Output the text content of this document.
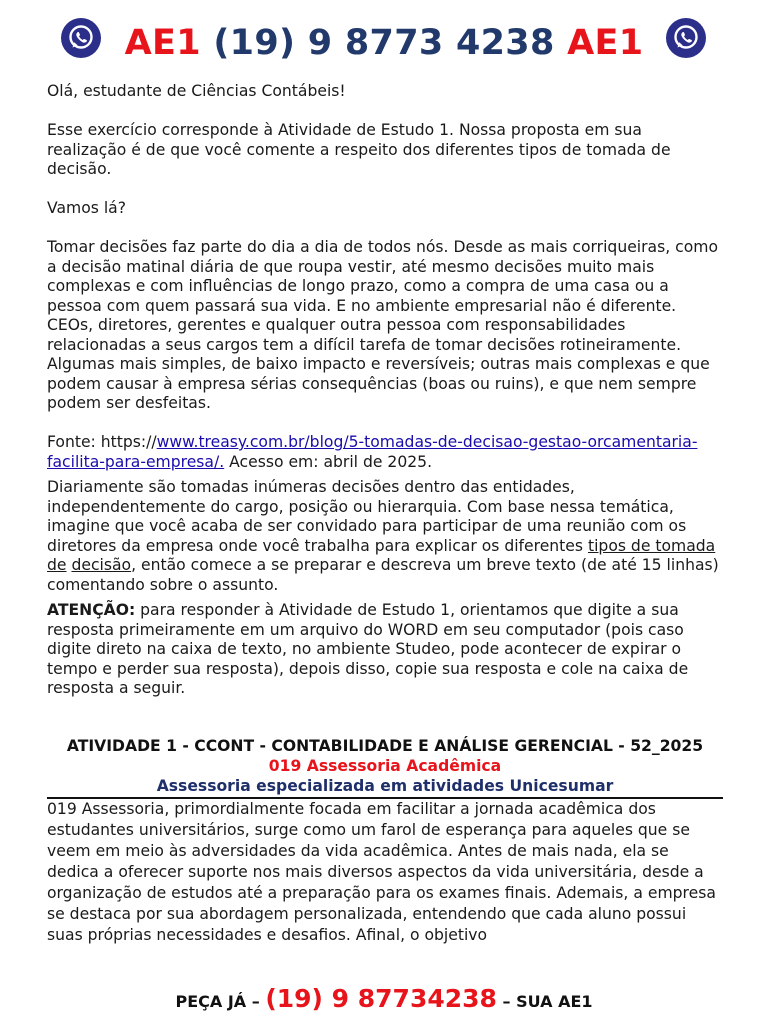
AE1 (19) 9 8773 4238 AE1

Olá, estudante de Ciências Contábeis!

Esse exercício corresponde à Atividade de Estudo 1. Nossa proposta em sua realização é de que você comente a respeito dos diferentes tipos de tomada de decisão.

Vamos lá?

Tomar decisões faz parte do dia a dia de todos nós. Desde as mais corriqueiras, como a decisão matinal diária de que roupa vestir, até mesmo decisões muito mais complexas e com influências de longo prazo, como a compra de uma casa ou a pessoa com quem passará sua vida. E no ambiente empresarial não é diferente. CEOs, diretores, gerentes e qualquer outra pessoa com responsabilidades relacionadas a seus cargos tem a difícil tarefa de tomar decisões rotineiramente. Algumas mais simples, de baixo impacto e reversíveis; outras mais complexas e que podem causar à empresa sérias consequências (boas ou ruins), e que nem sempre podem ser desfeitas.

Fonte: https://www.treasy.com.br/blog/5-tomadas-de-decisao-gestao-orcamentaria-facilita-para-empresa/. Acesso em: abril de 2025.

Diariamente são tomadas inúmeras decisões dentro das entidades, independentemente do cargo, posição ou hierarquia. Com base nessa temática, imagine que você acaba de ser convidado para participar de uma reunião com os diretores da empresa onde você trabalha para explicar os diferentes tipos de tomada de decisão, então comece a se preparar e descreva um breve texto (de até 15 linhas) comentando sobre o assunto.

ATENÇÃO: para responder à Atividade de Estudo 1, orientamos que digite a sua resposta primeiramente em um arquivo do WORD em seu computador (pois caso digite direto na caixa de texto, no ambiente Studeo, pode acontecer de expirar o tempo e perder sua resposta), depois disso, copie sua resposta e cole na caixa de resposta a seguir.

ATIVIDADE 1 - CCONT - CONTABILIDADE E ANÁLISE GERENCIAL - 52_2025
019 Assessoria Acadêmica
Assessoria especializada em atividades Unicesumar

019 Assessoria, primordialmente focada em facilitar a jornada acadêmica dos estudantes universitários, surge como um farol de esperança para aqueles que se veem em meio às adversidades da vida acadêmica. Antes de mais nada, ela se dedica a oferecer suporte nos mais diversos aspectos da vida universitária, desde a organização de estudos até a preparação para os exames finais. Ademais, a empresa se destaca por sua abordagem personalizada, entendendo que cada aluno possui suas próprias necessidades e desafios. Afinal, o objetivo

PEÇA JÁ – (19) 9 87734238 – SUA AE1
